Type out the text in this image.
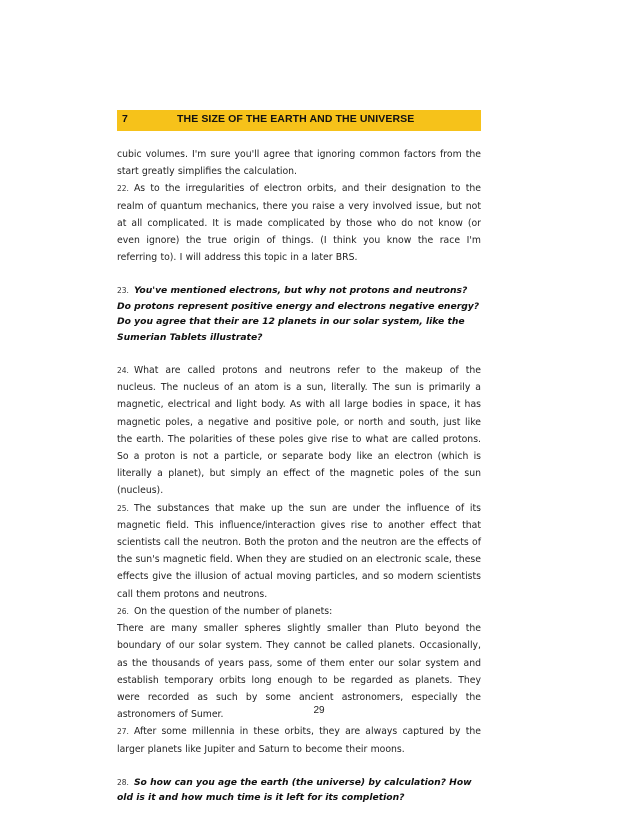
7	THE SIZE OF THE EARTH AND THE UNIVERSE

cubic volumes. I'm sure you'll agree that ignoring common factors from the start greatly simplifies the calculation.

22. As to the irregularities of electron orbits, and their designation to the realm of quantum mechanics, there you raise a very involved issue, but not at all complicated. It is made complicated by those who do not know (or even ignore) the true origin of things. (I think you know the race I'm referring to). I will address this topic in a later BRS.

23. You've mentioned electrons, but why not protons and neutrons?

Do protons represent positive energy and electrons negative energy?

Do you agree that their are 12 planets in our solar system, like the Sumerian Tablets illustrate?

24. What are called protons and neutrons refer to the makeup of the nucleus. The nucleus of an atom is a sun, literally. The sun is primarily a magnetic, electrical and light body. As with all large bodies in space, it has magnetic poles, a negative and positive pole, or north and south, just like the earth. The polarities of these poles give rise to what are called protons. So a proton is not a particle, or separate body like an electron (which is literally a planet), but simply an effect of the magnetic poles of the sun (nucleus).

25. The substances that make up the sun are under the influence of its magnetic field. This influence/interaction gives rise to another effect that scientists call the neutron. Both the proton and the neutron are the effects of the sun's magnetic field. When they are studied on an electronic scale, these effects give the illusion of actual moving particles, and so modern scientists call them protons and neutrons.

26. On the question of the number of planets:

There are many smaller spheres slightly smaller than Pluto beyond the boundary of our solar system. They cannot be called planets. Occasionally, as the thousands of years pass, some of them enter our solar system and establish temporary orbits long enough to be regarded as planets. They were recorded as such by some ancient astronomers, especially the astronomers of Sumer.

27. After some millennia in these orbits, they are always captured by the larger planets like Jupiter and Saturn to become their moons.

28. So how can you age the earth (the universe) by calculation? How old is it and how much time is it left for its completion?

29
